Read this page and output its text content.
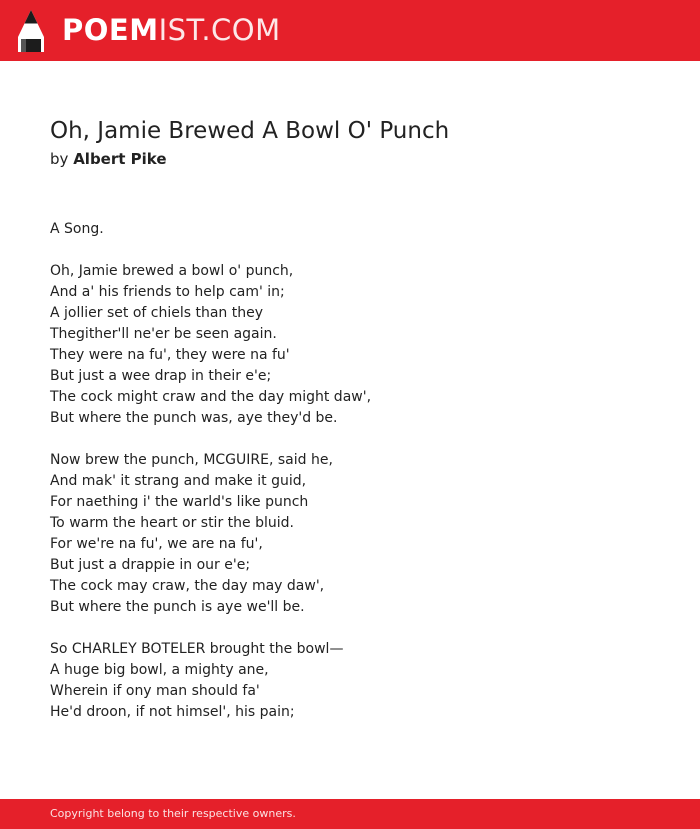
POEMIST.COM
Oh, Jamie Brewed A Bowl O' Punch
by Albert Pike
A Song.
Oh, Jamie brewed a bowl o' punch,
And a' his friends to help cam' in;
A jollier set of chiels than they
Thegither'll ne'er be seen again.
They were na fu', they were na fu'
But just a wee drap in their e'e;
The cock might craw and the day might daw',
But where the punch was, aye they'd be.
Now brew the punch, MCGUIRE, said he,
And mak' it strang and make it guid,
For naething i' the warld's like punch
To warm the heart or stir the bluid.
For we're na fu', we are na fu',
But just a drappie in our e'e;
The cock may craw, the day may daw',
But where the punch is aye we'll be.
So CHARLEY BOTELER brought the bowl—
A huge big bowl, a mighty ane,
Wherein if ony man should fa'
He'd droon, if not himsel', his pain;
Copyright belong to their respective owners.
